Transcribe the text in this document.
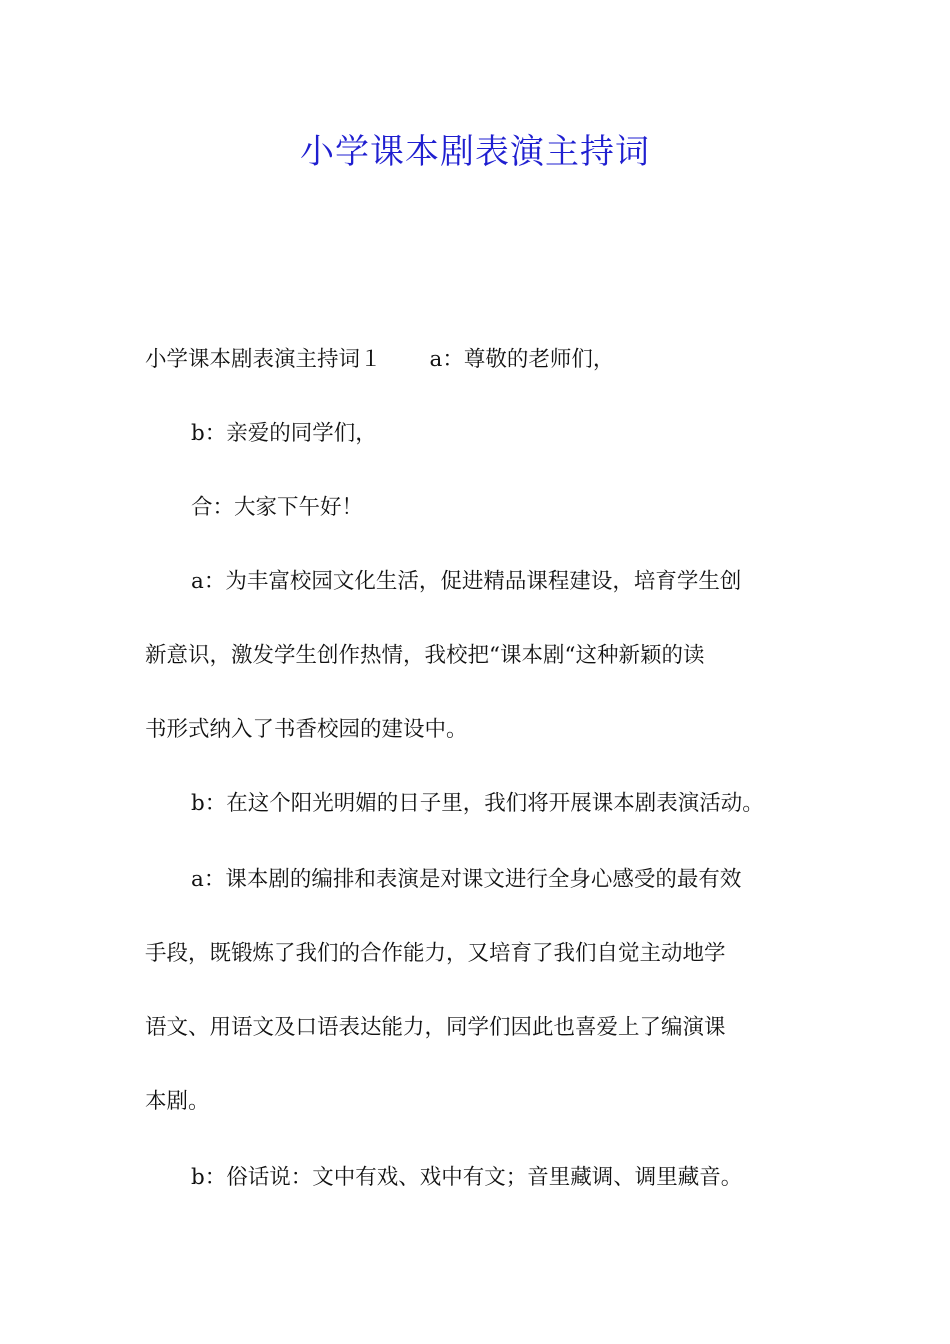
小学课本剧表演主持词

小学课本剧表演主持词１ a：尊敬的老师们，

b：亲爱的同学们，

合：大家下午好！

a：为丰富校园文化生活，促进精品课程建设，培育学生创

新意识，激发学生创作热情，我校把“课本剧“这种新颖的读

书形式纳入了书香校园的建设中。

b：在这个阳光明媚的日子里，我们将开展课本剧表演活动。

a：课本剧的编排和表演是对课文进行全身心感受的最有效

手段，既锻炼了我们的合作能力，又培育了我们自觉主动地学

语文、用语文及口语表达能力，同学们因此也喜爱上了编演课

本剧。

b：俗话说：文中有戏、戏中有文；音里藏调、调里藏音。
